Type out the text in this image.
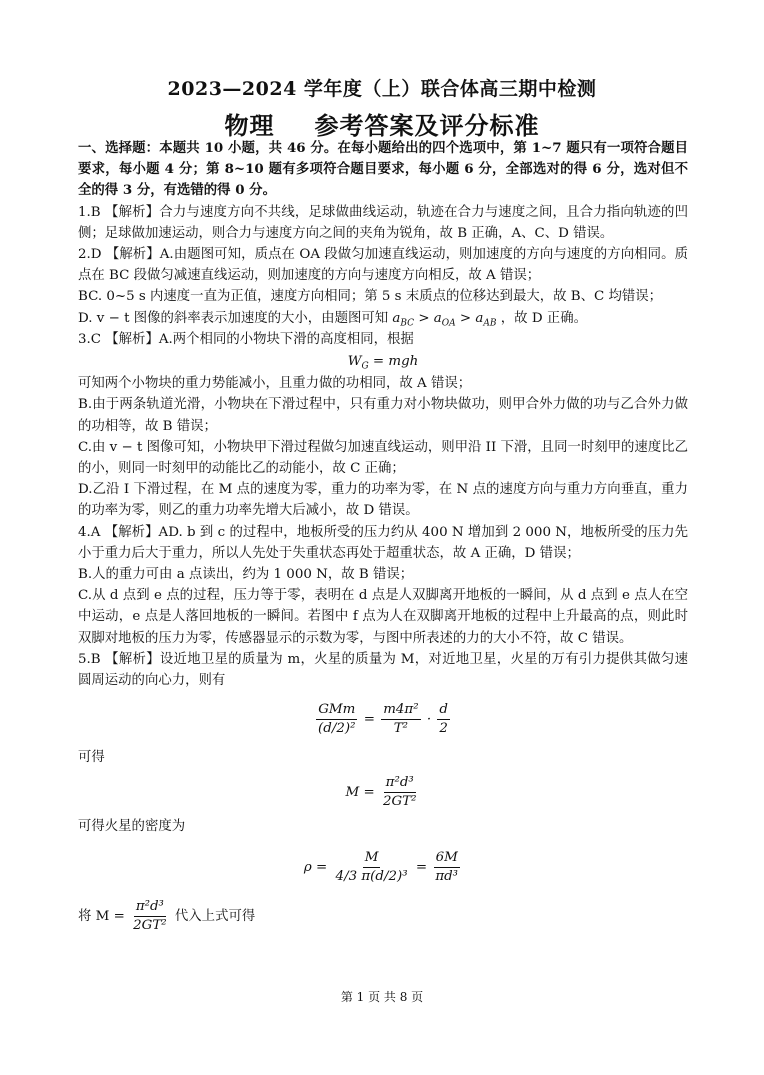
2023—2024 学年度（上）联合体高三期中检测
物理 参考答案及评分标准

一、选择题：本题共 10 小题，共 46 分。在每小题给出的四个选项中，第 1~7 题只有一项符合题目要求，每小题 4 分；第 8~10 题有多项符合题目要求，每小题 6 分，全部选对的得 6 分，选对但不全的得 3 分，有选错的得 0 分。

1.B 【解析】合力与速度方向不共线，足球做曲线运动，轨迹在合力与速度之间，且合力指向轨迹的凹侧；足球做加速运动，则合力与速度方向之间的夹角为锐角，故 B 正确，A、C、D 错误。

2.D 【解析】A.由题图可知，质点在 OA 段做匀加速直线运动，则加速度的方向与速度的方向相同。质点在 BC 段做匀减速直线运动，则加速度的方向与速度方向相反，故 A 错误；

BC. 0~5 s 内速度一直为正值，速度方向相同；第 5 s 末质点的位移达到最大，故 B、C 均错误；

D. v − t 图像的斜率表示加速度的大小，由题图可知 $a_{BC} > a_{OA} > a_{AB}$ ，故 D 正确。

3.C 【解析】A.两个相同的小物块下滑的高度相同，根据

$W_G$ = mgh

可知两个小物块的重力势能减小，且重力做的功相同，故 A 错误；

B.由于两条轨道光滑，小物块在下滑过程中，只有重力对小物块做功，则甲合外力做的功与乙合外力做的功相等，故 B 错误；

C.由 v − t 图像可知，小物块甲下滑过程做匀加速直线运动，则甲沿 II 下滑，且同一时刻甲的速度比乙的小，则同一时刻甲的动能比乙的动能小，故 C 正确；

D.乙沿 I 下滑过程，在 M 点的速度为零，重力的功率为零，在 N 点的速度方向与重力方向垂直，重力的功率为零，则乙的重力功率先增大后减小，故 D 错误。

4.A 【解析】AD. b 到 c 的过程中，地板所受的压力约从 400 N 增加到 2 000 N，地板所受的压力先小于重力后大于重力，所以人先处于失重状态再处于超重状态，故 A 正确，D 错误；

B.人的重力可由 a 点读出，约为 1 000 N，故 B 错误；

C.从 d 点到 e 点的过程，压力等于零，表明在 d 点是人双脚离开地板的一瞬间，从 d 点到 e 点人在空中运动，e 点是人落回地板的一瞬间。若图中 f 点为人在双脚离开地板的过程中上升最高的点，则此时双脚对地板的压力为零，传感器显示的示数为零，与图中所表述的力的大小不符，故 C 错误。

5.B 【解析】设近地卫星的质量为 m，火星的质量为 M，对近地卫星，火星的万有引力提供其做匀速圆周运动的向心力，则有

$\frac{\text{GMm}}{\text{(d/2)²}} = \frac{\text{m4π²}}{\text{T²}} \cdot \frac{d}{2}$

可得

M =
$\frac{\text{π²d³}}{\text{2GT²}}$

可得火星的密度为

ρ =
$\frac{M}{\text{4/3 π(d/2)³}} = \frac{6M}{\text{πd³}}$

将 $M = \frac{\text{π²d³}}{\text{2GT²}}$ 代入上式可得

第 1 页 共 8 页
